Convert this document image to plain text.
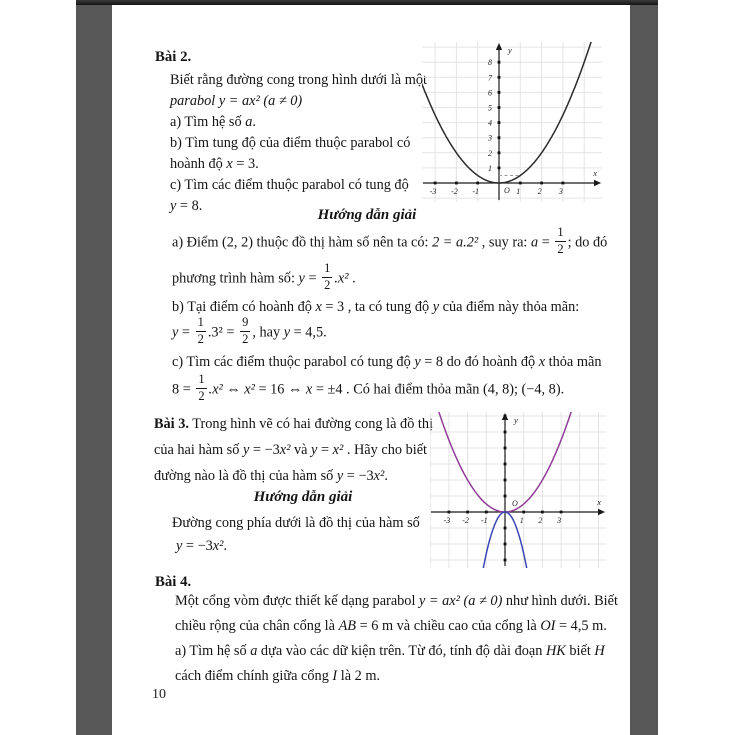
Bài 2.
Biết rằng đường cong trong hình dưới là một
parabol y = ax² (a ≠ 0)
a) Tìm hệ số a.
b) Tìm tung độ của điểm thuộc parabol có
hoành độ x = 3.
c) Tìm các điểm thuộc parabol có tung độ
y = 8.
-3 -2 -1	1 2 3
1
2
3
4
5
6
7
8
O
x
y
Hướng dẫn giải
a) Điểm (2, 2) thuộc đồ thị hàm số nên ta có: 2 = a.2² , suy ra: $a = \frac{1}{2}$ ; do đó
phương trình hàm số: $y = \frac{1}{2} .x^2$ .
b) Tại điểm có hoành độ x = 3 , ta có tung độ y của điểm này thỏa mãn:
$y = \frac{1}{2} .3^2 = \frac{9}{2}$ , hay y = 4,5.
c) Tìm các điểm thuộc parabol có tung độ y = 8 do đó hoành độ x thỏa mãn
$8 = \frac{1}{2} .x^2$ ⇔ x² = 16 ⇔ x = ±4 . Có hai điểm thỏa mãn (4, 8); (−4, 8).
Bài 3. Trong hình vẽ có hai đường cong là đồ thị
của hai hàm số y = −3x² và y = x² . Hãy cho biết
đường nào là đồ thị của hàm số y = −3x².
-3 -2 -1	1 2 3
O	x
y
Hướng dẫn giải
Đường cong phía dưới là đồ thị của hàm số
y = −3x².
Bài 4.
Một cổng vòm được thiết kế dạng parabol y = ax² (a ≠ 0) như hình dưới. Biết
chiều rộng của chân cổng là AB = 6 m và chiều cao của cổng là OI = 4,5 m.
a) Tìm hệ số a dựa vào các dữ kiện trên. Từ đó, tính độ dài đoạn HK biết H
cách điểm chính giữa cổng I là 2 m.
10
